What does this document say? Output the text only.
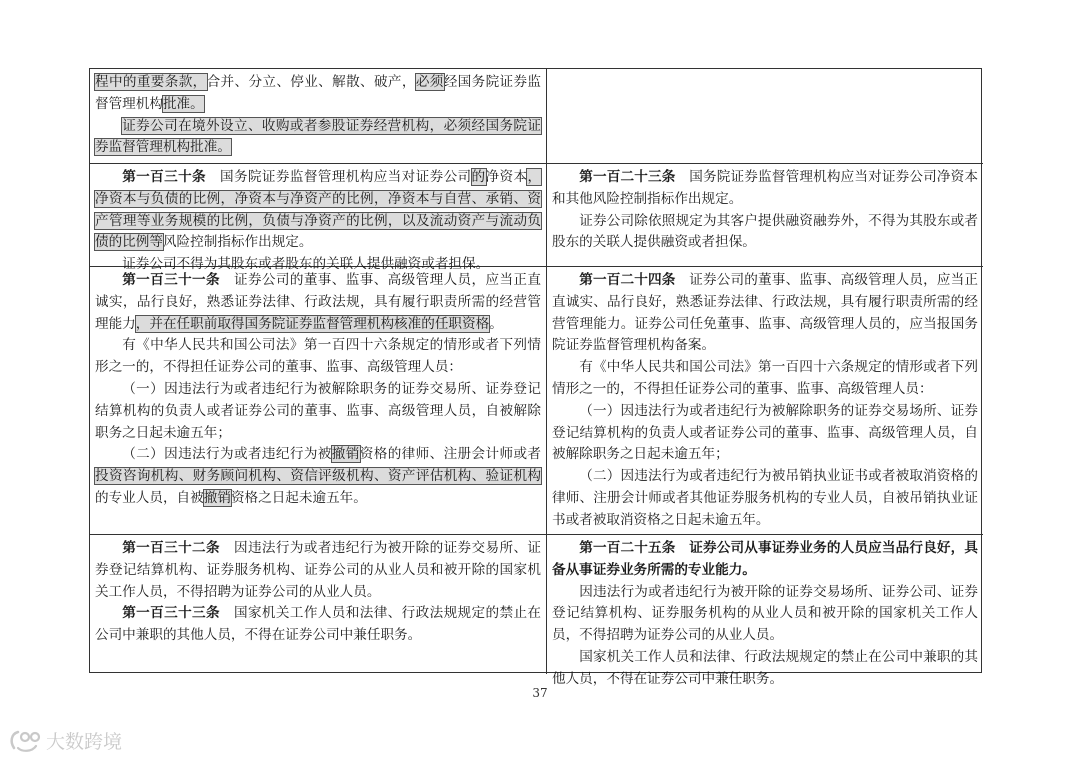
程中的重要条款，合并、分立、停业、解散、破产，必须经国务院证券监督管理机构批准。

证券公司在境外设立、收购或者参股证券经营机构，必须经国务院证券监督管理机构批准。

第一百三十条　国务院证券监督管理机构应当对证券公司的净资本，净资本与负债的比例，净资本与净资产的比例，净资本与自营、承销、资产管理等业务规模的比例，负债与净资产的比例，以及流动资产与流动负债的比例等风险控制指标作出规定。

证券公司不得为其股东或者股东的关联人提供融资或者担保。

第一百二十三条　 国务院证券监督管理机构应当对证券公司净资本和其他风险控制指标作出规定。

证券公司除依照规定为其客户提供融资融券外，不得为其股东或者股东的关联人提供融资或者担保。

第一百三十一条　证券公司的董事、监事、高级管理人员，应当正直诚实，品行良好，熟悉证券法律、行政法规，具有履行职责所需的经营管理能力，并在任职前取得国务院证券监督管理机构核准的任职资格。

有《中华人民共和国公司法》第一百四十六条规定的情形或者下列情形之一的，不得担任证券公司的董事、监事、高级管理人员：

（一）因违法行为或者违纪行为被解除职务的证券交易所、证券登记结算机构的负责人或者证券公司的董事、监事、高级管理人员，自被解除职务之日起未逾五年；

（二）因违法行为或者违纪行为被撤销资格的律师、注册会计师或者投资咨询机构、财务顾问机构、资信评级机构、资产评估机构、验证机构的专业人员，自被撤销资格之日起未逾五年。

第一百二十四条　 证券公司的董事、监事、高级管理人员，应当正直诚实、品行良好，熟悉证券法律、行政法规，具有履行职责所需的经营管理能力。证券公司任免董事、监事、高级管理人员的，应当报国务院证券监督管理机构备案。

有《中华人民共和国公司法》第一百四十六条规定的情形或者下列情形之一的，不得担任证券公司的董事、监事、高级管理人员：

（一）因违法行为或者违纪行为被解除职务的证券交易场所、证券登记结算机构的负责人或者证券公司的董事、监事、高级管理人员，自被解除职务之日起未逾五年；

（二）因违法行为或者违纪行为被吊销执业证书或者被取消资格的律师、注册会计师或者其他证券服务机构的专业人员，自被吊销执业证书或者被取消资格之日起未逾五年。

第一百三十二条　 因违法行为或者违纪行为被开除的证券交易所、证券登记结算机构、证券服务机构、证券公司的从业人员和被开除的国家机关工作人员，不得招聘为证券公司的从业人员。

第一百三十三条　 国家机关工作人员和法律、行政法规规定的禁止在公司中兼职的其他人员，不得在证券公司中兼任职务。

第一百二十五条　 证券公司从事证券业务的人员应当品行良好，具备从事证券业务所需的专业能力。

因违法行为或者违纪行为被开除的证券交易场所、证券公司、证券登记结算机构、证券服务机构的从业人员和被开除的国家机关工作人员，不得招聘为证券公司的从业人员。

国家机关工作人员和法律、行政法规规定的禁止在公司中兼职的其他人员，不得在证券公司中兼任职务。

37
大数跨境
